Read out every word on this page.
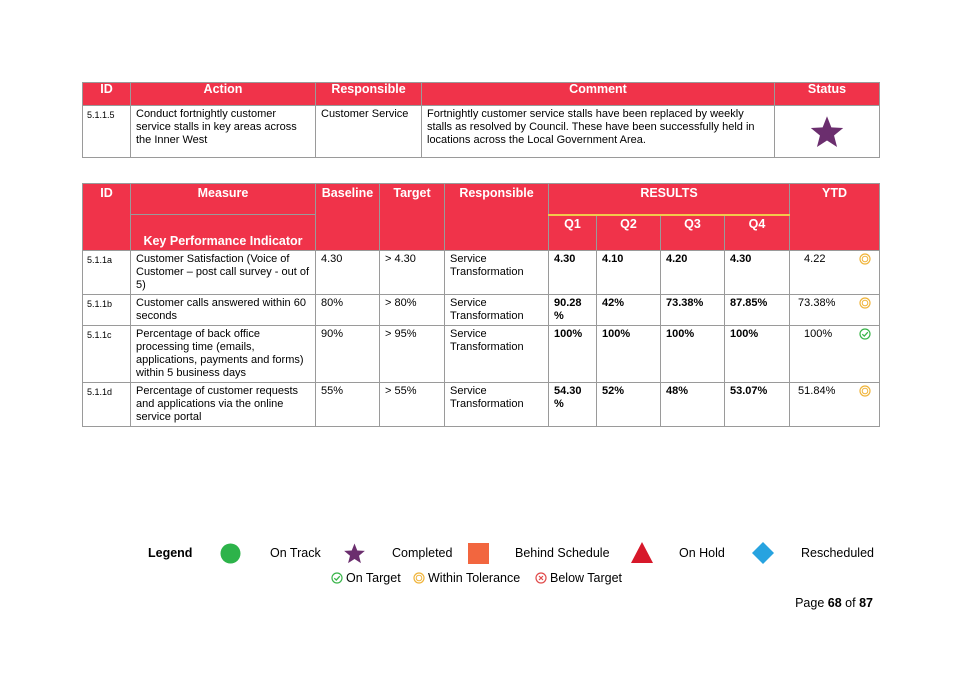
ID	Action	Responsible	Comment	Status
5.1.1.5	Conduct fortnightly customer service stalls in key areas across the Inner West	Customer Service	Fortnightly customer service stalls have been replaced by weekly stalls as resolved by Council. These have been successfully held in locations across the Local Government Area.	
ID	Measure	Baseline	Target	Responsible	RESULTS				YTD
	Key Performance Indicator				Q1	Q2	Q3	Q4	

5.1.1a	Customer Satisfaction (Voice of Customer – post call survey - out of 5)	4.30	> 4.30	Service Transformation	4.30	4.10	4.20	4.30	4.22

5.1.1b	Customer calls answered within 60 seconds	80%	> 80%	Service Transformation	90.28 %	42%	73.38%	87.85%	73.38%

5.1.1c	Percentage of back office processing time (emails, applications, payments and forms) within 5 business days	90%	> 95%	Service Transformation	100%	100%	100%	100%	100%

5.1.1d	Percentage of customer requests and applications via the online service portal	55%	> 55%	Service Transformation	54.30 %	52%	48%	53.07%	51.84%
Legend	On Track	Completed	Behind Schedule	On Hold	Rescheduled
On Target Within Tolerance Below Target
Page 68 of 87
